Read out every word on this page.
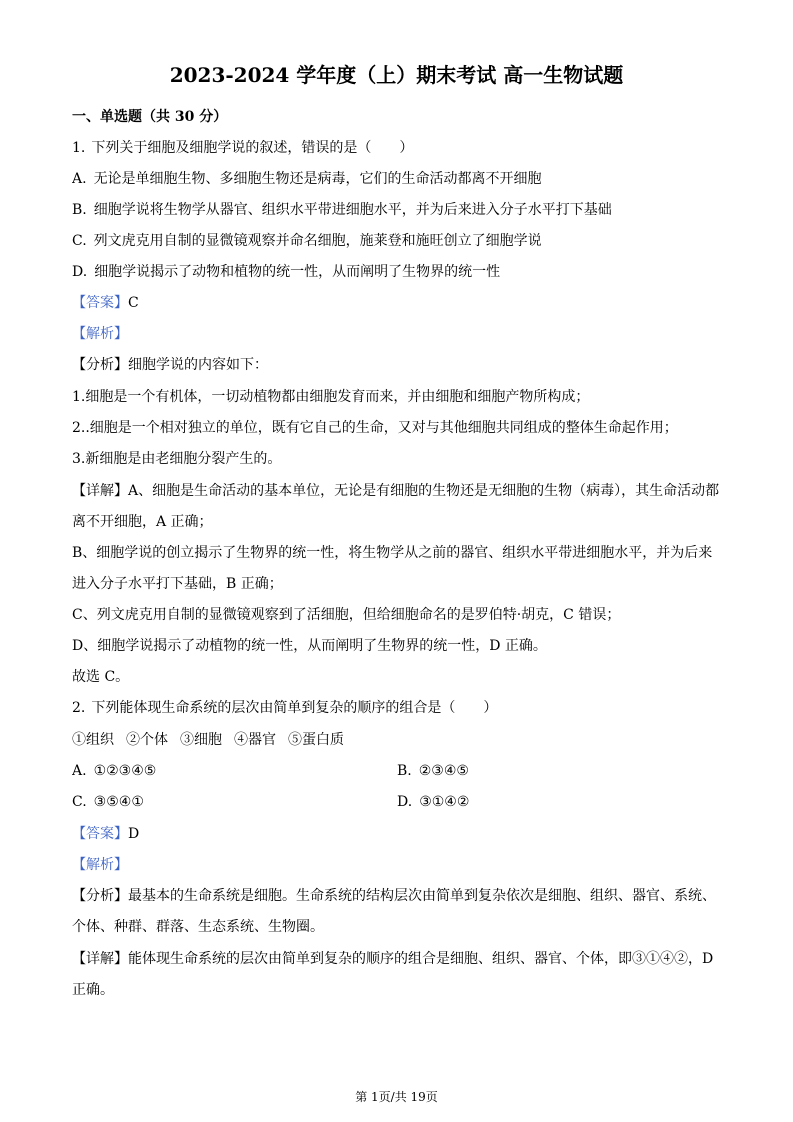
2023-2024 学年度（上）期末考试 高一生物试题
一、单选题（共 30 分）
1. 下列关于细胞及细胞学说的叙述，错误的是（　　）
A. 无论是单细胞生物、多细胞生物还是病毒，它们的生命活动都离不开细胞
B. 细胞学说将生物学从器官、组织水平带进细胞水平，并为后来进入分子水平打下基础
C. 列文虎克用自制的显微镜观察并命名细胞，施莱登和施旺创立了细胞学说
D. 细胞学说揭示了动物和植物的统一性，从而阐明了生物界的统一性
【答案】C
【解析】
【分析】细胞学说的内容如下：
1.细胞是一个有机体，一切动植物都由细胞发育而来，并由细胞和细胞产物所构成；
2..细胞是一个相对独立的单位，既有它自己的生命，又对与其他细胞共同组成的整体生命起作用；
3.新细胞是由老细胞分裂产生的。
【详解】A、细胞是生命活动的基本单位，无论是有细胞的生物还是无细胞的生物（病毒），其生命活动都
离不开细胞，A 正确；
B、细胞学说的创立揭示了生物界的统一性，将生物学从之前的器官、组织水平带进细胞水平，并为后来
进入分子水平打下基础，B 正确；
C、列文虎克用自制的显微镜观察到了活细胞，但给细胞命名的是罗伯特·胡克，C 错误；
D、细胞学说揭示了动植物的统一性，从而阐明了生物界的统一性，D 正确。
故选 C。
2. 下列能体现生命系统的层次由简单到复杂的顺序的组合是（　　）
①组织 ②个体 ③细胞 ④器官 ⑤蛋白质
A. ①②③④⑤	B. ②③④⑤
C. ③⑤④①	D. ③①④②
【答案】D
【解析】
【分析】最基本的生命系统是细胞。生命系统的结构层次由简单到复杂依次是细胞、组织、器官、系统、
个体、种群、群落、生态系统、生物圈。
【详解】能体现生命系统的层次由简单到复杂的顺序的组合是细胞、组织、器官、个体，即③①④②，D
正确。
第 1页/共 19页
